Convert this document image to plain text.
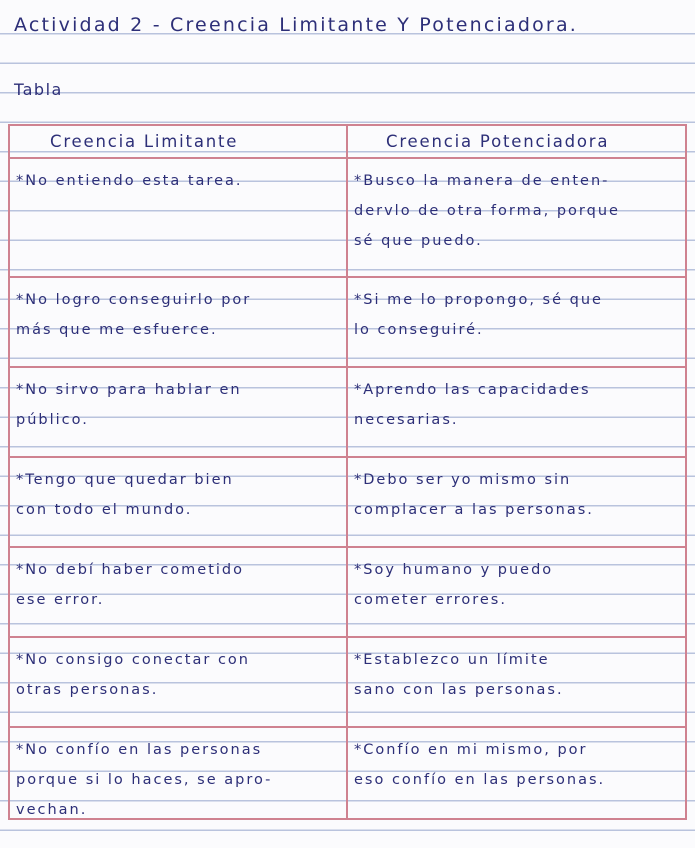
Actividad 2 - Creencia Limitante Y Potenciadora.
Tabla
Creencia Limitante	Creencia Potenciadora
*No entiendo esta tarea.	*Busco la manera de enten-
dervlo de otra forma, porque
sé que puedo.
*No logro conseguirlo por
más que me esfuerce.
*Si me lo propongo, sé que
lo conseguiré.
*No sirvo para hablar en
público.
*Aprendo las capacidades
necesarias.
*Tengo que quedar bien
con todo el mundo.
*Debo ser yo mismo sin
complacer a las personas.
*No debí haber cometido
ese error.
*Soy humano y puedo
cometer errores.
*No consigo conectar con
otras personas.
*Establezco un límite
sano con las personas.
*No confío en las personas
porque si lo haces, se apro-
vechan.
*Confío en mi mismo, por
eso confío en las personas.
